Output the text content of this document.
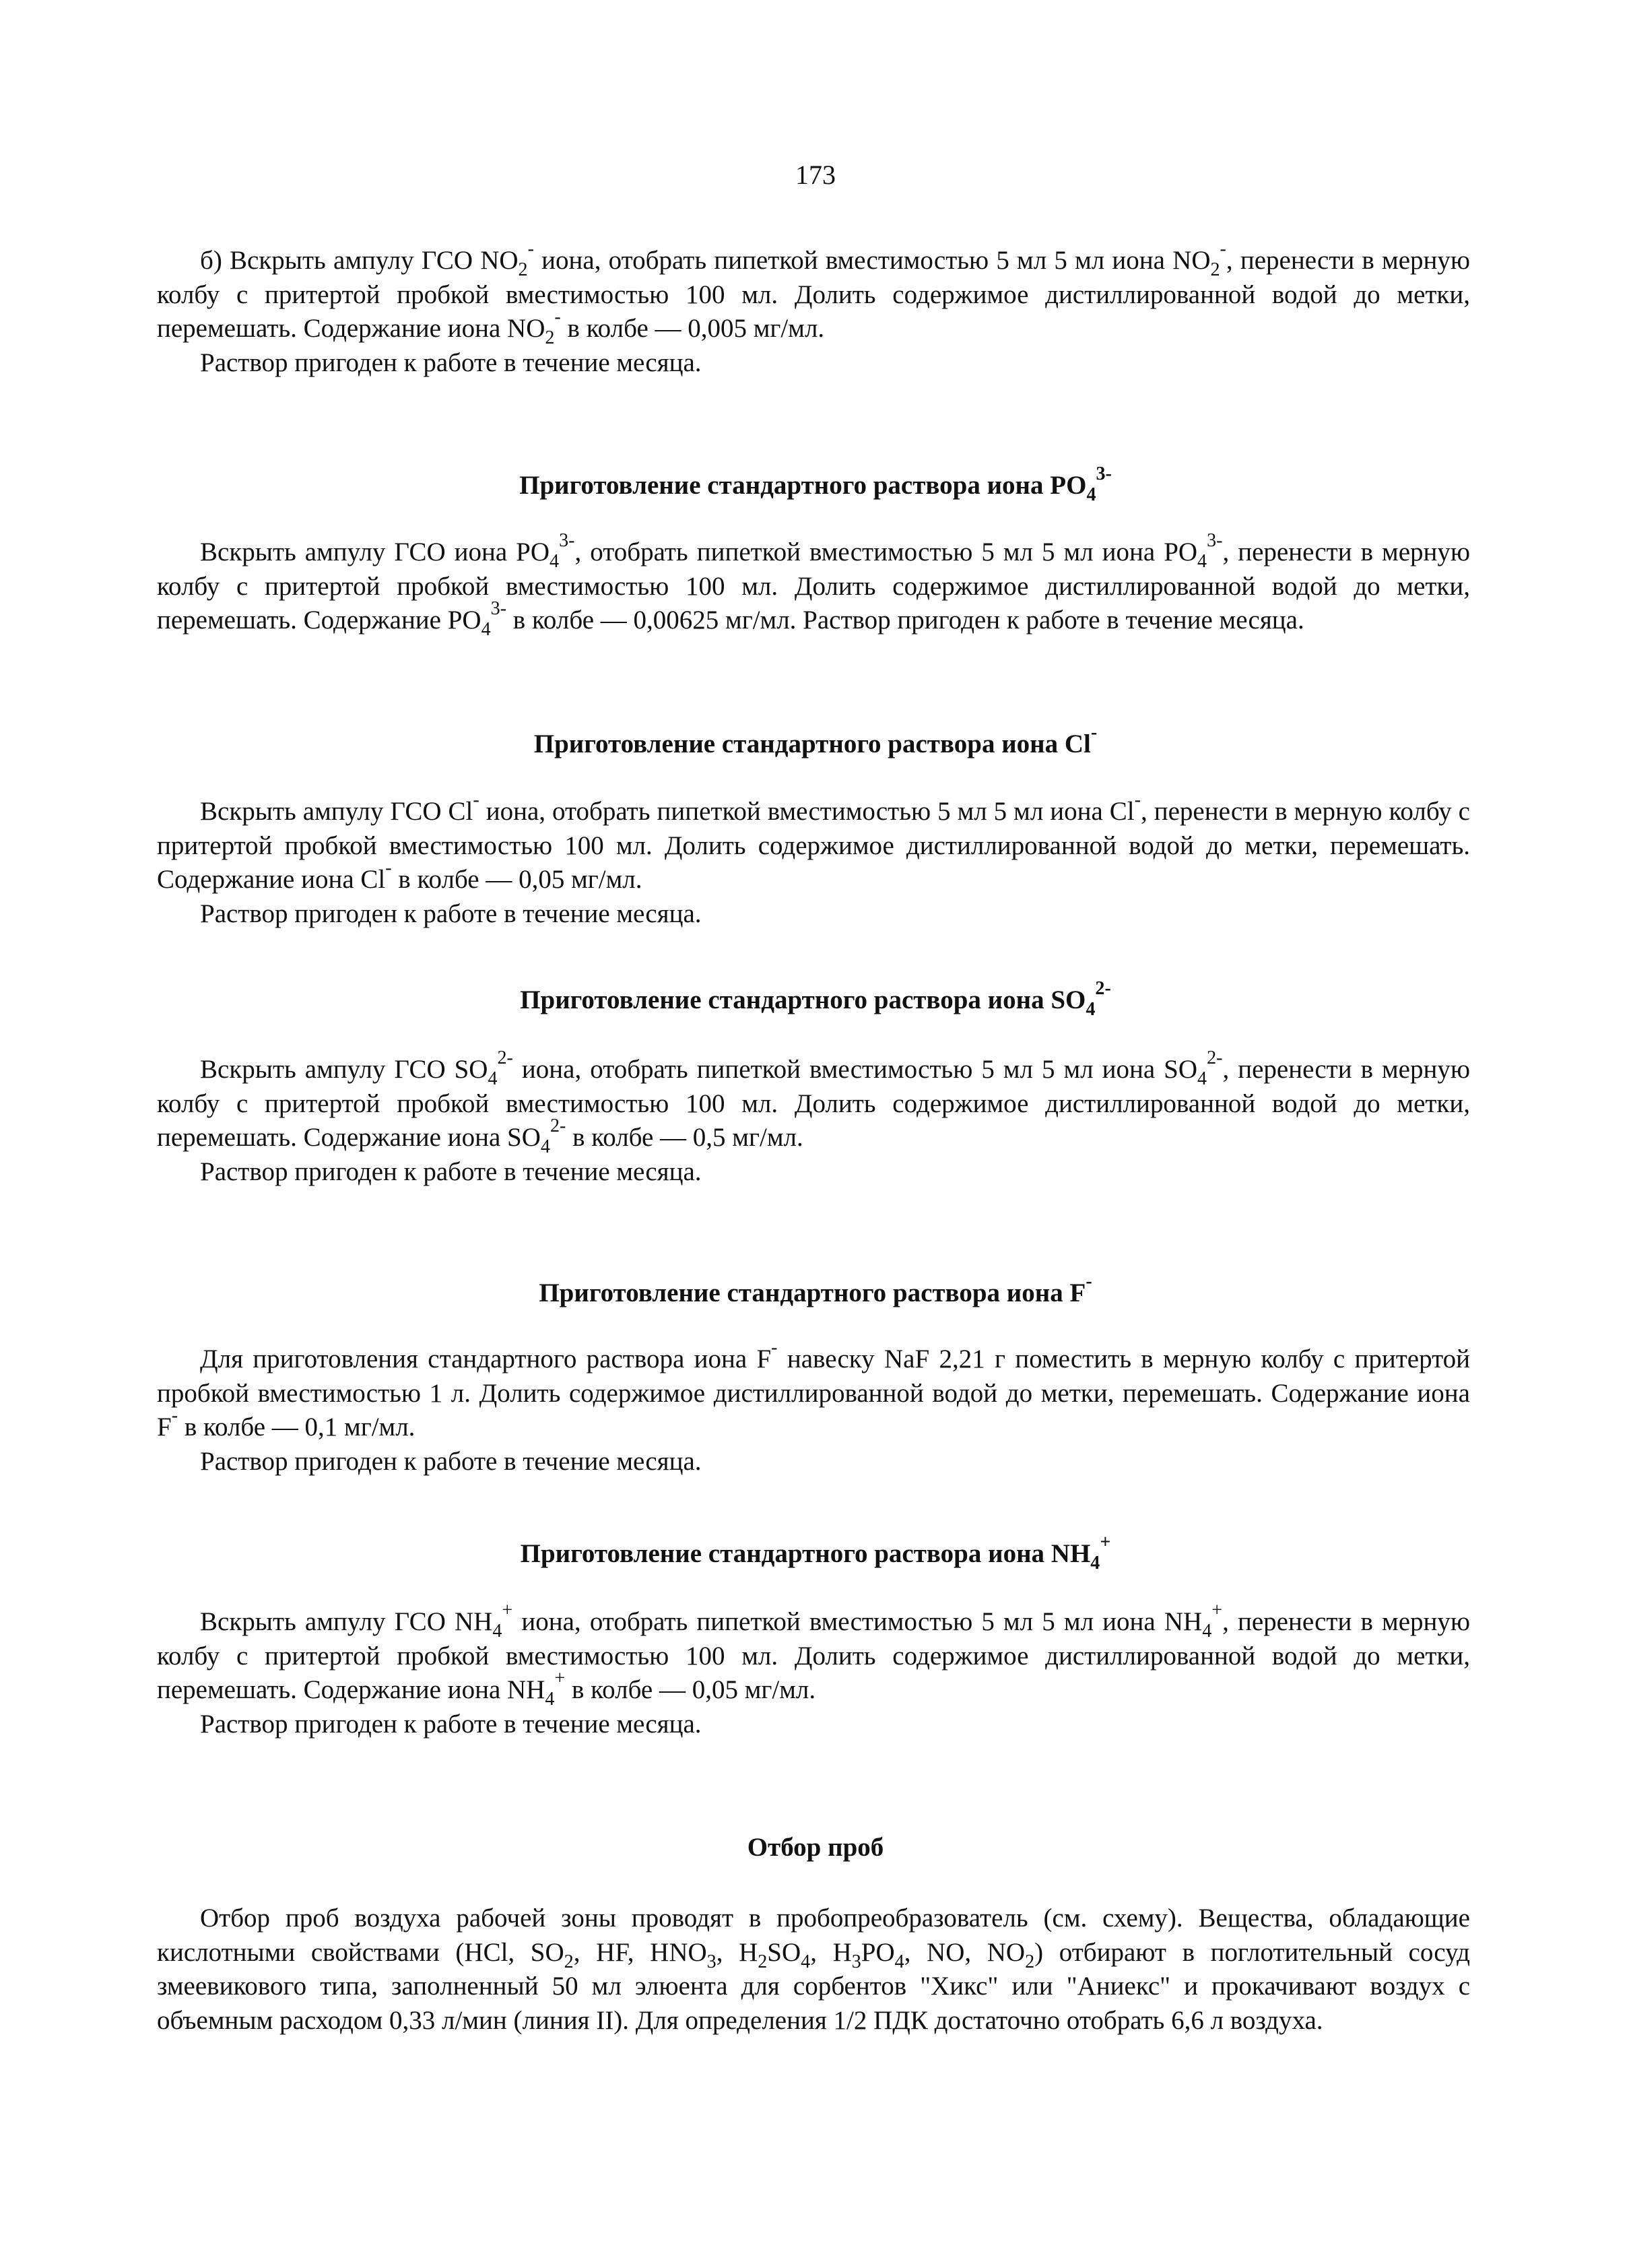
173

б) Вскрыть ампулу ГСО $NO_2^-$ иона, отобрать пипеткой вместимостью 5 мл 5 мл иона $NO_2^-$, перенести в мерную колбу с притертой пробкой вместимостью 100 мл. Долить содержимое дистиллированной водой до метки, перемешать. Содержание иона $NO_2^-$ в колбе — 0,005 мг/мл.

Раствор пригоден к работе в течение месяца.

Приготовление стандартного раствора иона $PO_4^{3-}$

Вскрыть ампулу ГСО иона $PO_4^{3-}$, отобрать пипеткой вместимостью 5 мл 5 мл иона $PO_4^{3-}$, перенести в мерную колбу с притертой пробкой вместимостью 100 мл. Долить содержимое дистиллированной водой до метки, перемешать. Содержание $PO_4^{3-}$ в колбе — 0,00625 мг/мл. Раствор пригоден к работе в течение месяца.

Приготовление стандартного раствора иона Cl-

Вскрыть ампулу ГСО Cl- иона, отобрать пипеткой вместимостью 5 мл 5 мл иона Cl-, перенести в мерную колбу с притертой пробкой вместимостью 100 мл. Долить содержимое дистиллированной водой до метки, перемешать. Содержание иона Cl- в колбе — 0,05 мг/мл.

Раствор пригоден к работе в течение месяца.

Приготовление стандартного раствора иона $SO_4^{2-}$

Вскрыть ампулу ГСО $SO_4^{2-}$ иона, отобрать пипеткой вместимостью 5 мл 5 мл иона $SO_4^{2-}$, перенести в мерную колбу с притертой пробкой вместимостью 100 мл. Долить содержимое дистиллированной водой до метки, перемешать. Содержание иона $SO_4^{2-}$ в колбе — 0,5 мг/мл.

Раствор пригоден к работе в течение месяца.

Приготовление стандартного раствора иона F-

Для приготовления стандартного раствора иона F- навеску NaF 2,21 г поместить в мерную колбу с притертой пробкой вместимостью 1 л. Долить содержимое дистиллированной водой до метки, перемешать. Содержание иона F- в колбе — 0,1 мг/мл.

Раствор пригоден к работе в течение месяца.

Приготовление стандартного раствора иона $NH_4^+$

Вскрыть ампулу ГСО $NH_4^+$ иона, отобрать пипеткой вместимостью 5 мл 5 мл иона $NH_4^+$, перенести в мерную колбу с притертой пробкой вместимостью 100 мл. Долить содержимое дистиллированной водой до метки, перемешать. Содержание иона $NH_4^+$ в колбе — 0,05 мг/мл.

Раствор пригоден к работе в течение месяца.

Отбор проб

Отбор проб воздуха рабочей зоны проводят в пробопреобразователь (см. схему). Вещества, обладающие кислотными свойствами (HCl, $SO_2$, HF, $HNO_3$, $H_2SO_4$, $H_3PO_4$, NO, $NO_2$) отбирают в поглотительный сосуд змеевикового типа, заполненный 50 мл элюента для сорбентов "Хикс" или "Аниекс" и прокачивают воздух с объемным расходом 0,33 л/мин (линия II). Для определения 1/2 ПДК достаточно отобрать 6,6 л воздуха.
